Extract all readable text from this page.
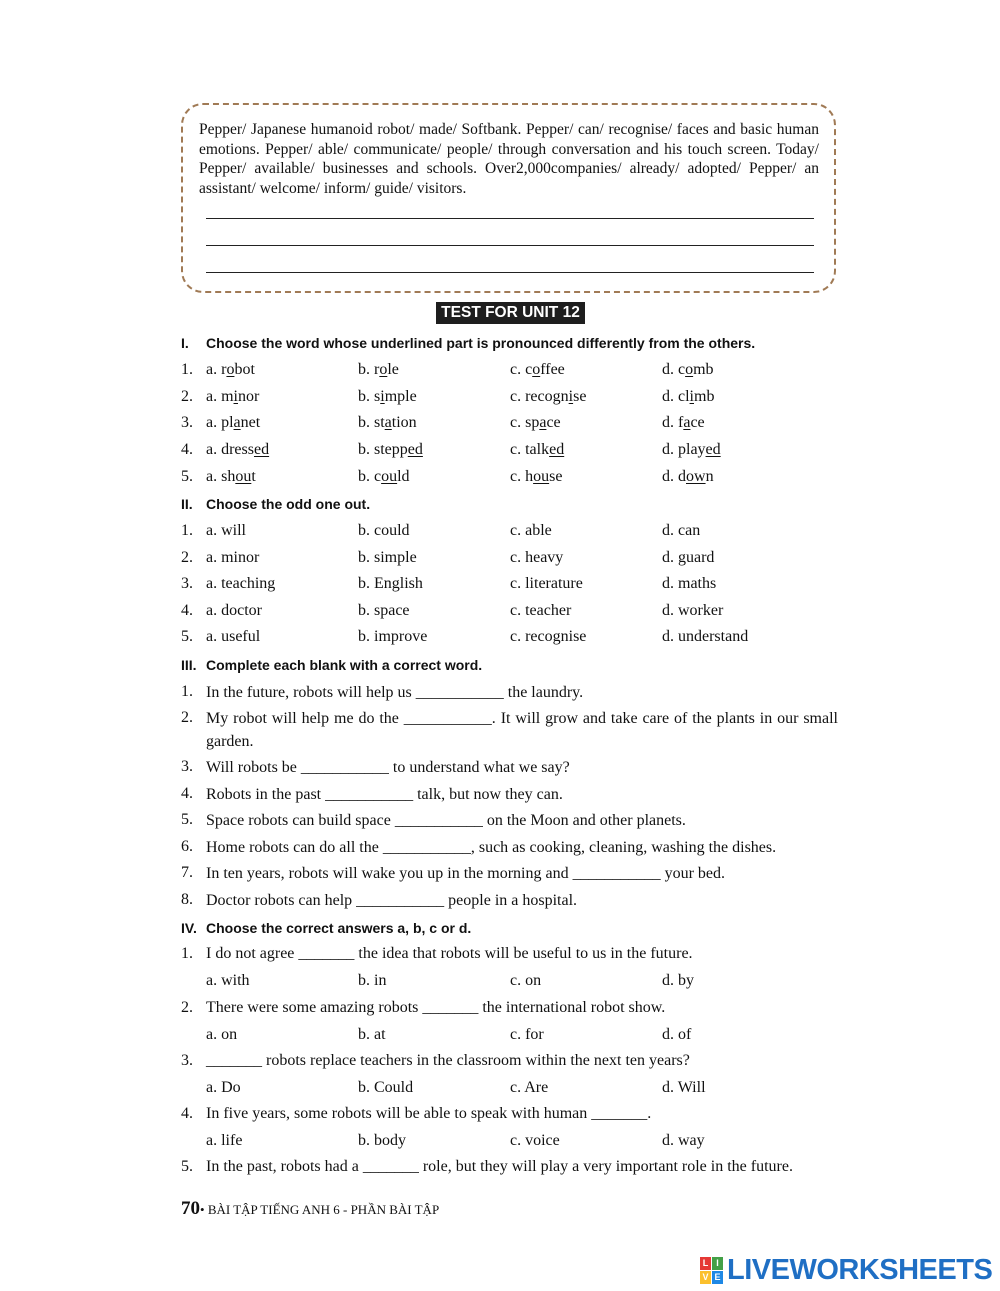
Pepper/ Japanese humanoid robot/ made/ Softbank. Pepper/ can/ recognise/ faces and basic human emotions. Pepper/ able/ communicate/ people/ through conversation and his touch screen. Today/ Pepper/ available/ businesses and schools. Over2,000companies/ already/ adopted/ Pepper/ an assistant/ welcome/ inform/ guide/ visitors.
TEST FOR UNIT 12
I. Choose the word whose underlined part is pronounced differently from the others.
1. a. robot	b. role	c. coffee	d. comb
2. a. minor	b. simple	c. recognise	d. climb
3. a. planet	b. station	c. space	d. face
4. a. dressed	b. stepped	c. talked	d. played
5. a. shout	b. could	c. house	d. down
II. Choose the odd one out.
1. a. will	b. could	c. able	d. can
2. a. minor	b. simple	c. heavy	d. guard
3. a. teaching	b. English	c. literature	d. maths
4. a. doctor	b. space	c. teacher	d. worker
5. a. useful	b. improve	c. recognise	d. understand
III. Complete each blank with a correct word.
1. In the future, robots will help us ___________ the laundry.
2. My robot will help me do the ___________. It will grow and take care of the plants in our small garden.
3. Will robots be ___________ to understand what we say?
4. Robots in the past ___________ talk, but now they can.
5. Space robots can build space ___________ on the Moon and other planets.
6. Home robots can do all the ___________, such as cooking, cleaning, washing the dishes.
7. In ten years, robots will wake you up in the morning and ___________ your bed.
8. Doctor robots can help ___________ people in a hospital.
IV. Choose the correct answers a, b, c or d.
1. I do not agree _______ the idea that robots will be useful to us in the future.
a. with	b. in	c. on	d. by
2. There were some amazing robots _______ the international robot show.
a. on	b. at	c. for	d. of
3. _______ robots replace teachers in the classroom within the next ten years?
a. Do	b. Could	c. Are	d. Will
4. In five years, some robots will be able to speak with human _______.
a. life	b. body	c. voice	d. way
5. In the past, robots had a _______ role, but they will play a very important role in the future.
70• BÀI TẬP TIẾNG ANH 6 - PHẦN BÀI TẬP
L I
V E LIVEWORKSHEETS
